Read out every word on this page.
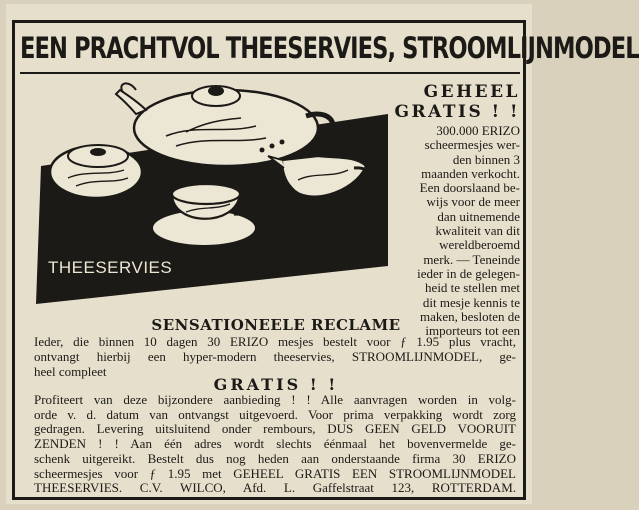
EEN PRACHTVOL THEESERVIES, STROOMLIJNMODEL
THEESERVIES
GEHEEL
GRATIS ! !

300.000 ERIZO
scheermesjes wer-
den binnen 3
maanden verkocht.
Een doorslaand be-
wijs voor de meer
dan uitnemende
kwaliteit van dit
wereldberoemd
merk. — Teneinde
ieder in de gelegen-
heid te stellen met
dit mesje kennis te
maken, besloten de
importeurs tot een

SENSATIONEELE RECLAME
Ieder, die binnen 10 dagen 30 ERIZO mesjes bestelt voor ƒ 1.95 plus vracht,
ontvangt hierbij een hyper-modern theeservies, STROOMLIJNMODEL, ge-
heel compleet
GRATIS ! !
Profiteert van deze bijzondere aanbieding ! ! Alle aanvragen worden in volg-
orde v. d. datum van ontvangst uitgevoerd. Voor prima verpakking wordt zorg
gedragen. Levering uitsluitend onder rembours, DUS GEEN GELD VOORUIT
ZENDEN ! ! Aan één adres wordt slechts éénmaal het bovenvermelde ge-
schenk uitgereikt. Bestelt dus nog heden aan onderstaande firma 30 ERIZO
scheermesjes voor ƒ 1.95 met GEHEEL GRATIS EEN STROOMLIJNMODEL
THEESERVIES. C.V. WILCO, Afd. L. Gaffelstraat 123, ROTTERDAM.
